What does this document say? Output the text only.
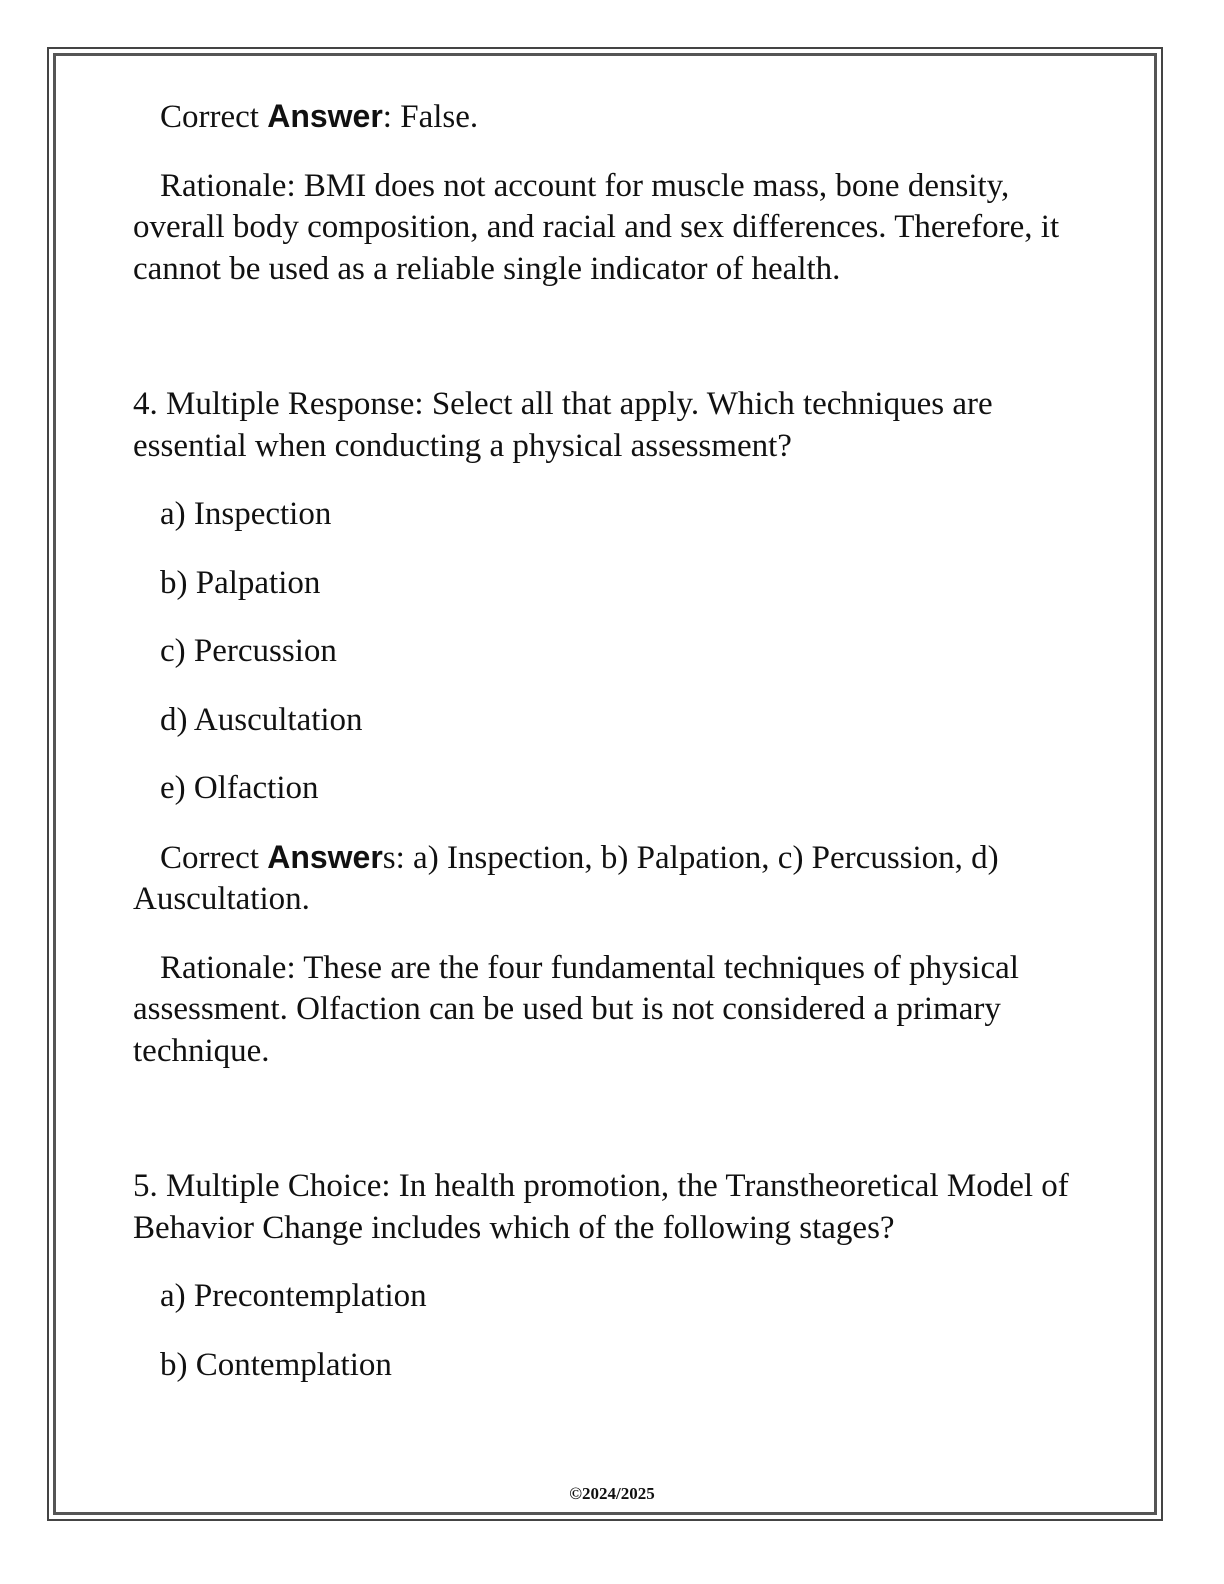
Correct Answer: False.

Rationale: BMI does not account for muscle mass, bone density, overall body composition, and racial and sex differences. Therefore, it cannot be used as a reliable single indicator of health.

4. Multiple Response: Select all that apply. Which techniques are essential when conducting a physical assessment?

a) Inspection

b) Palpation

c) Percussion

d) Auscultation

e) Olfaction

Correct Answers: a) Inspection, b) Palpation, c) Percussion, d) Auscultation.

Rationale: These are the four fundamental techniques of physical assessment. Olfaction can be used but is not considered a primary technique.

5. Multiple Choice: In health promotion, the Transtheoretical Model of Behavior Change includes which of the following stages?

a) Precontemplation

b) Contemplation

©2024/2025
